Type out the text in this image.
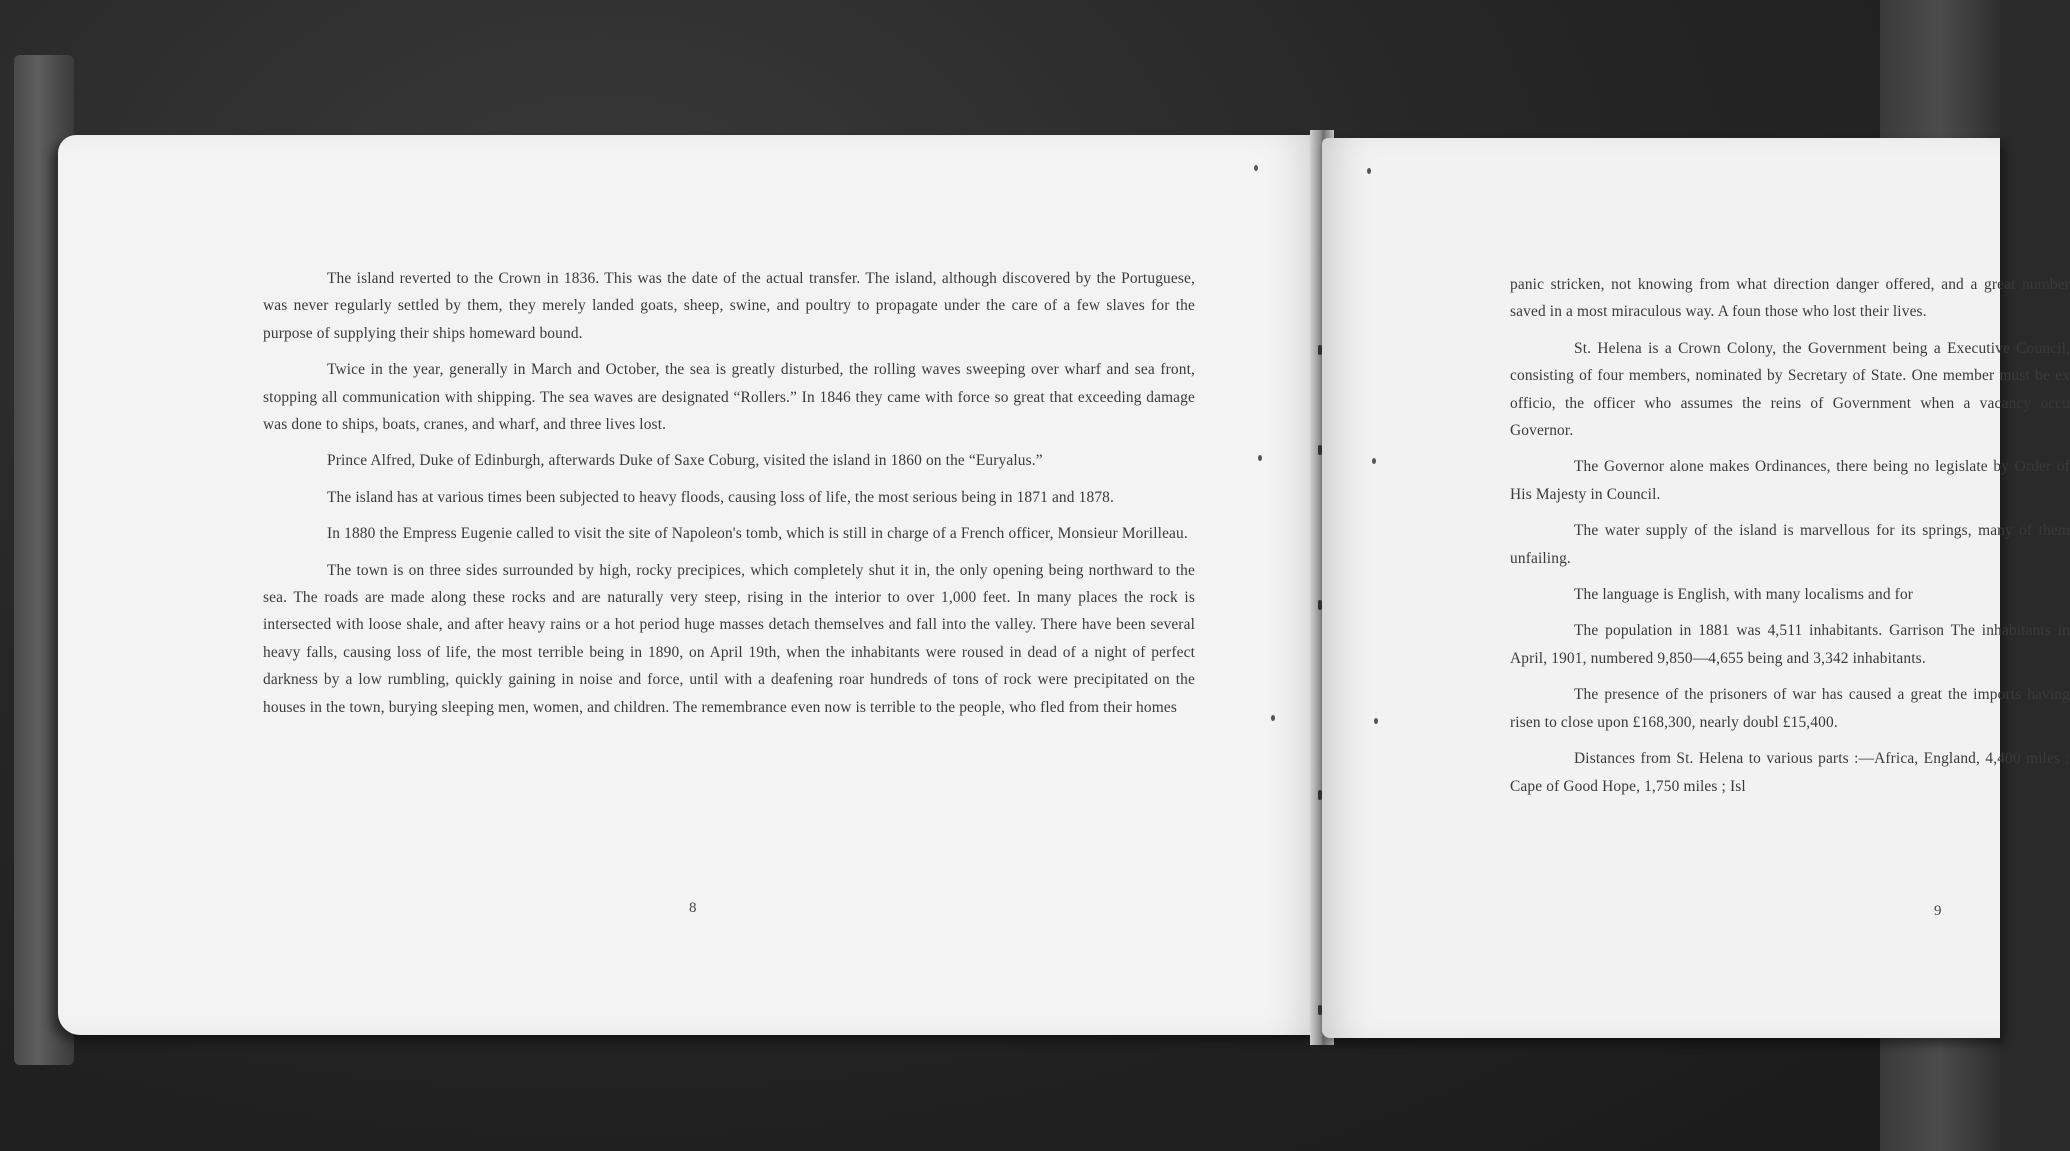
The island reverted to the Crown in 1836. This was the date of the actual transfer. The island, although discovered by the Portuguese, was never regularly settled by them, they merely landed goats, sheep, swine, and poultry to propagate under the care of a few slaves for the purpose of supplying their ships homeward bound.

Twice in the year, generally in March and October, the sea is greatly disturbed, the rolling waves sweeping over wharf and sea front, stopping all communication with shipping. The sea waves are designated “Rollers.” In 1846 they came with force so great that exceeding damage was done to ships, boats, cranes, and wharf, and three lives lost.

Prince Alfred, Duke of Edinburgh, afterwards Duke of Saxe Coburg, visited the island in 1860 on the “Euryalus.”

The island has at various times been subjected to heavy floods, causing loss of life, the most serious being in 1871 and 1878.

In 1880 the Empress Eugenie called to visit the site of Napoleon's tomb, which is still in charge of a French officer, Monsieur Morilleau.

The town is on three sides surrounded by high, rocky precipices, which completely shut it in, the only opening being northward to the sea. The roads are made along these rocks and are naturally very steep, rising in the interior to over 1,000 feet. In many places the rock is intersected with loose shale, and after heavy rains or a hot period huge masses detach themselves and fall into the valley. There have been several heavy falls, causing loss of life, the most terrible being in 1890, on April 19th, when the inhabitants were roused in dead of a night of perfect darkness by a low rumbling, quickly gaining in noise and force, until with a deafening roar hundreds of tons of rock were precipitated on the houses in the town, burying sleeping men, women, and children. The remembrance even now is terrible to the people, who fled from their homes

8

panic stricken, not knowing from what direction danger offered, and a great number saved in a most miraculous way. A foun those who lost their lives.

St. Helena is a Crown Colony, the Government being a Executive Council, consisting of four members, nominated by Secretary of State. One member must be ex officio, the officer who assumes the reins of Government when a vacancy occu Governor.

The Governor alone makes Ordinances, there being no legislate by Order of His Majesty in Council.

The water supply of the island is marvellous for its springs, many of them unfailing.

The language is English, with many localisms and for

The population in 1881 was 4,511 inhabitants. Garrison The inhabitants in April, 1901, numbered 9,850—4,655 being and 3,342 inhabitants.

The presence of the prisoners of war has caused a great the imports having risen to close upon £168,300, nearly doubl £15,400.

Distances from St. Helena to various parts :—Africa, England, 4,400 miles ; Cape of Good Hope, 1,750 miles ; Isl

9
